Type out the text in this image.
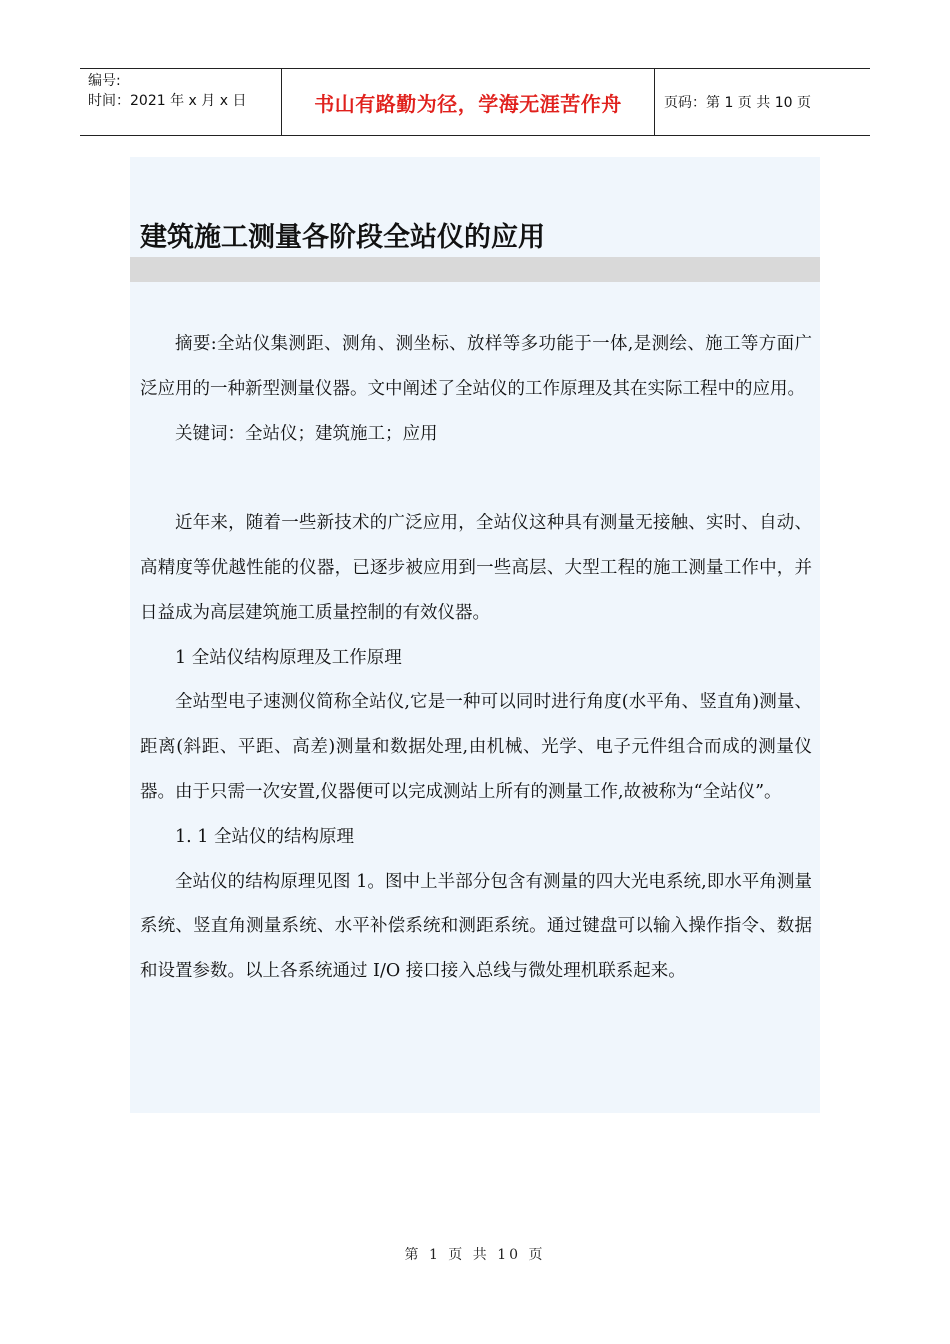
编号:
时间：2021 年 x 月 x 日	书山有路勤为径，学海无涯苦作舟	页码：第 1 页 共 10 页
建筑施工测量各阶段全站仪的应用

摘要:全站仪集测距、测角、测坐标、放样等多功能于一体,是测绘、施工等方面广泛应用的一种新型测量仪器。文中阐述了全站仪的工作原理及其在实际工程中的应用。

关键词：全站仪；建筑施工；应用

近年来，随着一些新技术的广泛应用，全站仪这种具有测量无接触、实时、自动、高精度等优越性能的仪器，已逐步被应用到一些高层、大型工程的施工测量工作中，并日益成为高层建筑施工质量控制的有效仪器。

1 全站仪结构原理及工作原理

全站型电子速测仪简称全站仪,它是一种可以同时进行角度(水平角、竖直角)测量、距离(斜距、平距、高差)测量和数据处理,由机械、光学、电子元件组合而成的测量仪器。由于只需一次安置,仪器便可以完成测站上所有的测量工作,故被称为“全站仪”。

1. 1 全站仪的结构原理

全站仪的结构原理见图 1。图中上半部分包含有测量的四大光电系统,即水平角测量系统、竖直角测量系统、水平补偿系统和测距系统。通过键盘可以输入操作指令、数据和设置参数。以上各系统通过 I/O 接口接入总线与微处理机联系起来。

第 1 页 共 10 页
